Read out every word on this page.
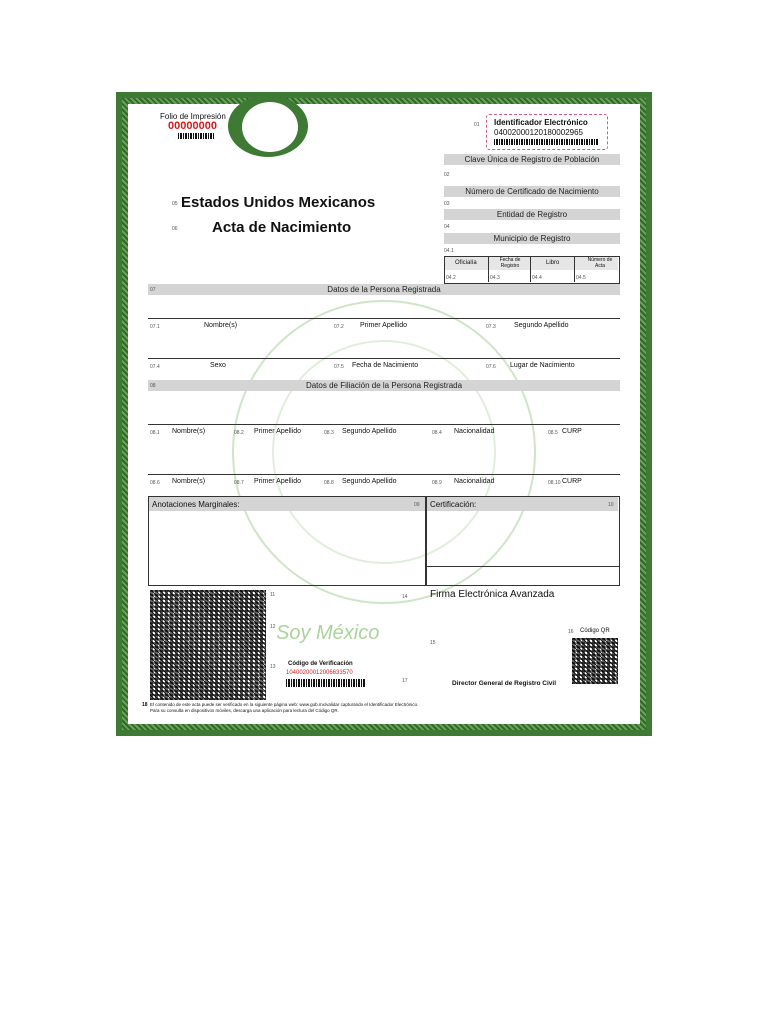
Folio de Impresión
00000000	01 Identificador Electrónico
04002000120180002965
Clave Única de Registro de Población
02
Número de Certificado de Nacimiento
03
Entidad de Registro
04
Municipio de Registro
04.1
Oficialía	Fecha de Registro	Libro	Número de Acta
04.2	04.3	04.4	04.5
05 Estados Unidos Mexicanos
06 Acta de Nacimiento
Datos de la Persona Registrada
07
07.1	Nombre(s)	07.2 Primer Apellido	07.3	Segundo Apellido
07.4	Sexo	07.5 Fecha de Nacimiento	07.6 Lugar de Nacimiento
Datos de Filiación de la Persona Registrada
08
08.1 Nombre(s)	08.2 Primer Apellido	08.3 Segundo Apellido	08.4 Nacionalidad	08.5 CURP
08.6 Nombre(s)	08.7 Primer Apellido	08.8 Segundo Apellido	08.9 Nacionalidad	08.10 CURP
Anotaciones Marginales:	09 Certificación:	10
11
12
13
Soy México
Código de Verificación
10400200012006633570
14 Firma Electrónica Avanzada
15
16 Código QR
17	Director General de Registro Civil
18 El contenido de este acta puede ser verificado en la siguiente página web: www.gob.mx/validar capturando el Identificador Electrónico.
Para su consulta en dispositivos móviles, descarga una aplicación para lectura del Código QR.
